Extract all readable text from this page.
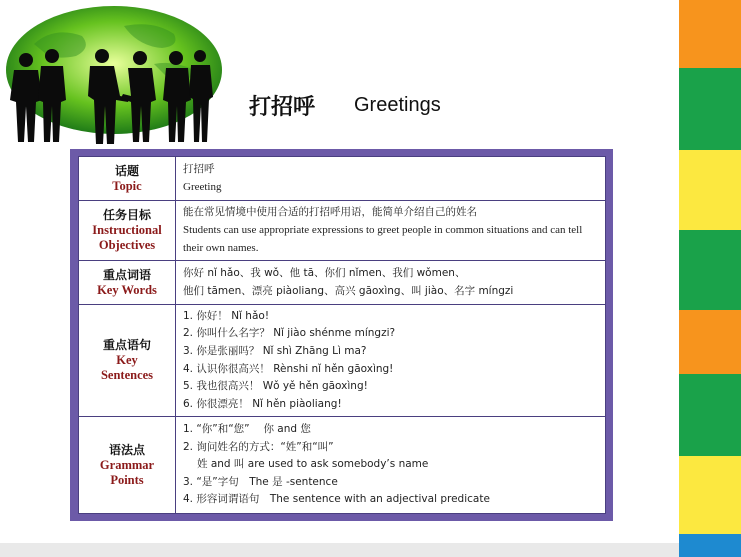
打招呼 Greetings
话题
Topic
打招呼
Greeting
任务目标
Instructional
Objectives
能在常见情境中使用合适的打招呼用语，能简单介绍自己的姓名
Students can use appropriate expressions to greet people in common situations and can tell their own names.
重点词语
Key Words
你好 nǐ hǎo、我 wǒ、他 tā、你们 nǐmen、我们 wǒmen、
他们 tāmen、漂亮 piàoliang、高兴 gāoxìng、叫 jiào、名字 míngzi
重点语句
Key
Sentences
1. 你好！ Nǐ hǎo!
2. 你叫什么名字？ Nǐ jiào shénme míngzi?
3. 你是张丽吗？ Nǐ shì Zhāng Lì ma?
4. 认识你很高兴！ Rènshi nǐ hěn gāoxìng!
5. 我也很高兴！ Wǒ yě hěn gāoxìng!
6. 你很漂亮！ Nǐ hěn piàoliang!
语法点
Grammar
Points
1. “你”和“您”　 你 and 您
2. 询问姓名的方式：“姓”和“叫”
姓 and 叫 are used to ask somebody’s name
3. “是”字句　The 是 -sentence
4. 形容词谓语句　The sentence with an adjectival predicate
